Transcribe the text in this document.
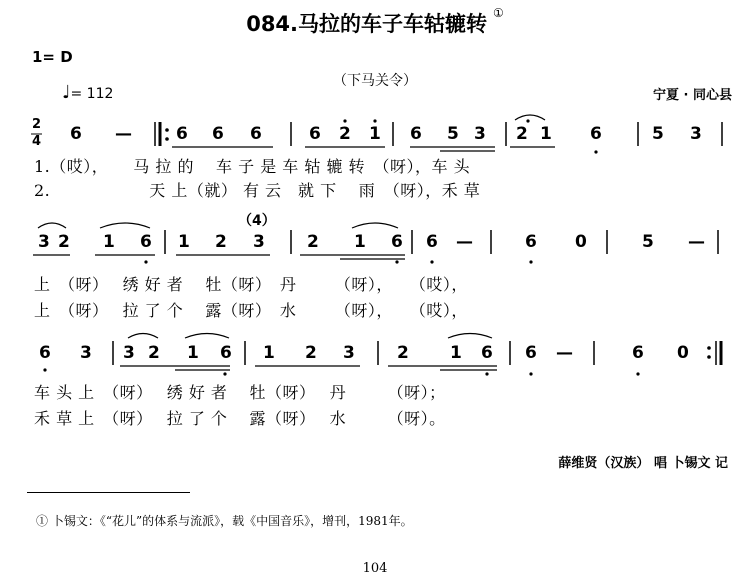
084.马拉的车子车轱辘转 ①
1= D
（下马关令）
♩= 112	宁夏 · 同心县
2
4 6 —	6 6 6	6 2 1 6 5 3 2 1 6	5 3
1.（哎），　　马 拉 的　 车 子 是 车 轱 辘 转　（呀），车 头
2.　　　　　　天 上（就） 有 云　就 下　 雨　（呀），禾 草
（4）
3 2 1 6 1 2 3 2 1 6 6 —	6 0	5 —
上　（呀）　 绣 好 者　 牡（呀）　丹　　 （呀），　　（哎），
上　（呀）　 拉 了 个　 露（呀）　水　　 （呀），　　（哎），
6 3 3 2 1 6 1 2 3 2 1 6 6 —	6 0
车 头 上　（呀）　 绣 好 者　 牡（呀）　 丹　　　（呀）；
禾 草 上　（呀）　 拉 了 个　 露（呀）　 水　　　（呀）。
薛维贤（汉族） 唱 卜锡文 记
① 卜锡文：《“花儿”的体系与流派》，载《中国音乐》，增刊，1981年。
104
